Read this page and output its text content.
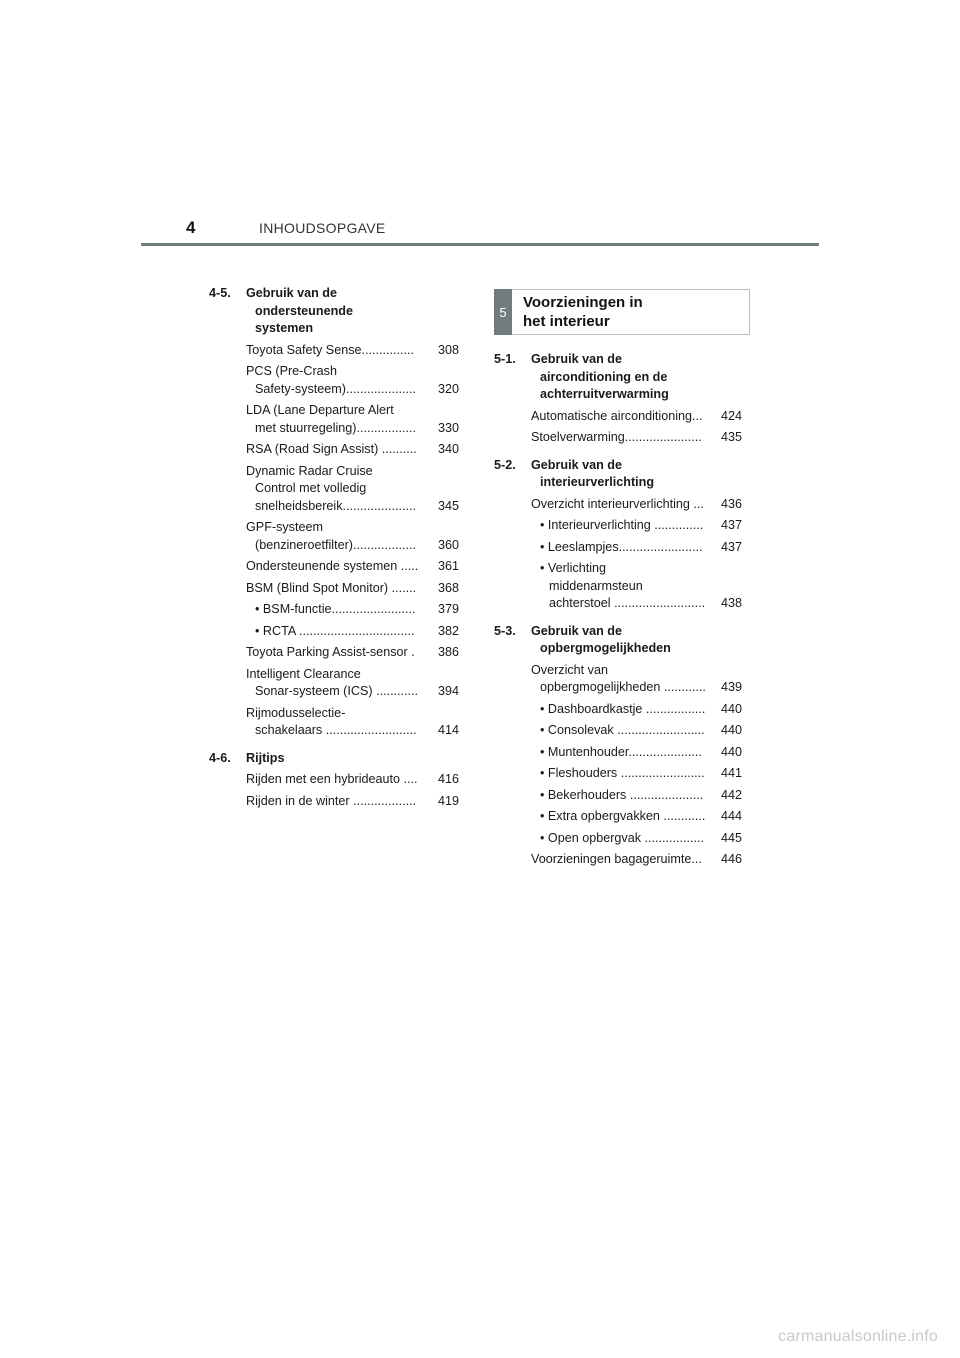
4	INHOUDSOPGAVE
4-5.	Gebruik van de

ondersteunende
systemen
Toyota Safety Sense...............	308
PCS (Pre-Crash

Safety-systeem)....................	320
LDA (Lane Departure Alert

met stuurregeling).................	330
RSA (Road Sign Assist) ..........	340
Dynamic Radar Cruise

Control met volledig
snelheidsbereik.....................	345
GPF-systeem

(benzineroetfilter)..................	360
Ondersteunende systemen .....	361
BSM (Blind Spot Monitor) .......	368
• BSM-functie........................	379
• RCTA .................................	382
Toyota Parking Assist-sensor .	386
Intelligent Clearance

Sonar-systeem (ICS) ............	394
Rijmodusselectie-

schakelaars ..........................	414
4-6.	Rijtips
Rijden met een hybrideauto ....	416
Rijden in de winter ..................	419
5
Voorzieningen in
het interieur
5-1.	Gebruik van de

airconditioning en de
achterruitverwarming
Automatische airconditioning...	424
Stoelverwarming......................	435
5-2.	Gebruik van de

interieurverlichting
Overzicht interieurverlichting ...	436
• Interieurverlichting ..............	437
• Leeslampjes........................	437
• Verlichting

middenarmsteun
achterstoel ..........................	438
5-3.	Gebruik van de

opbergmogelijkheden
Overzicht van

opbergmogelijkheden ............	439
• Dashboardkastje .................	440
• Consolevak .........................	440
• Muntenhouder.....................	440
• Fleshouders ........................	441
• Bekerhouders .....................	442
• Extra opbergvakken ............	444
• Open opbergvak .................	445
Voorzieningen bagageruimte...	446
carmanualsonline.info
